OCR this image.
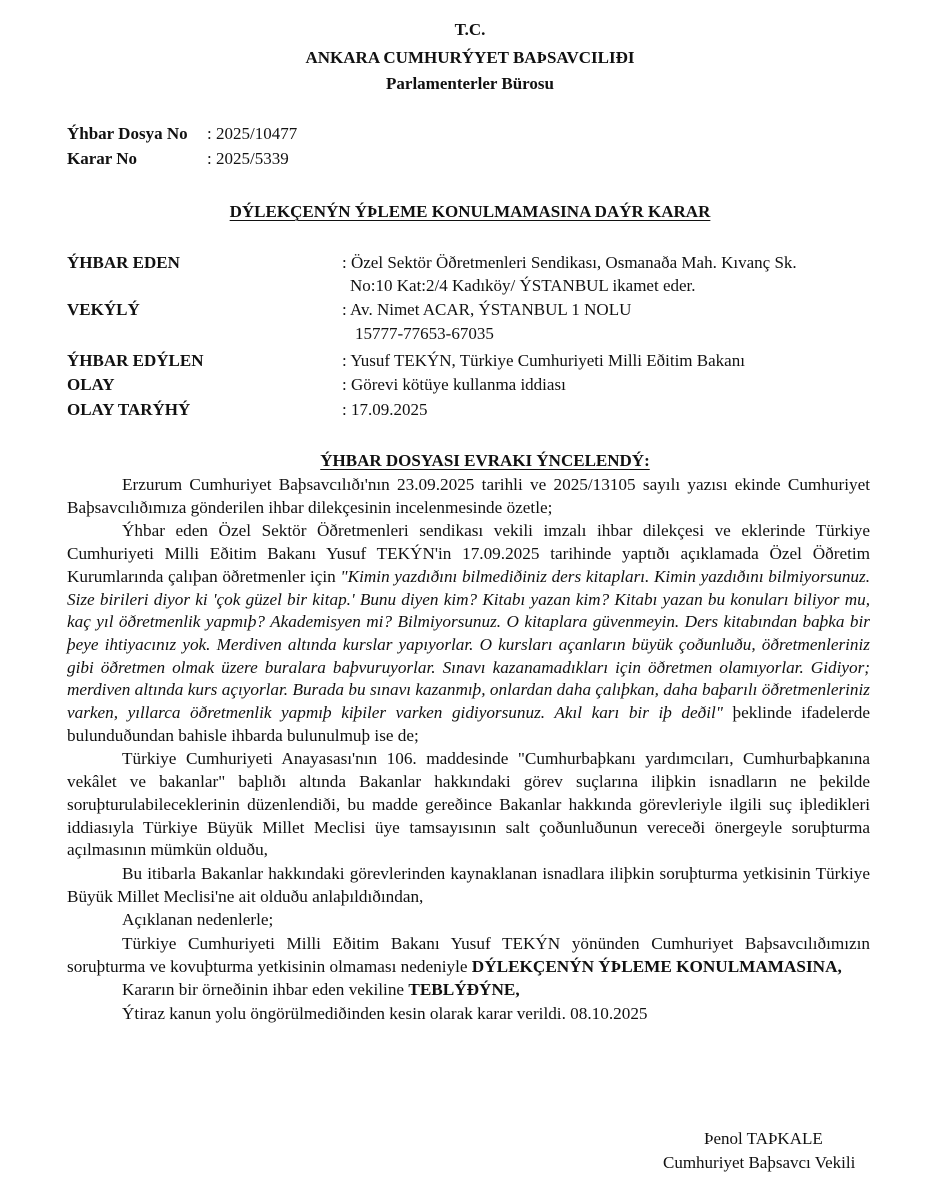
T.C.
ANKARA CUMHURÝYET BAÞSAVCILIÐI
Parlamenterler Bürosu
Ýhbar Dosya No : 2025/10477
Karar No	: 2025/5339
DÝLEKÇENÝN ÝÞLEME KONULMAMASINA DAÝR KARAR
ÝHBAR EDEN	: Özel Sektör Öðretmenleri Sendikası, Osmanaða Mah. Kıvanç Sk.
No:10 Kat:2/4 Kadıköy/ ÝSTANBUL ikamet eder.
VEKÝLÝ	: Av. Nimet ACAR, ÝSTANBUL 1 NOLU
15777-77653-67035
ÝHBAR EDÝLEN	: Yusuf TEKÝN, Türkiye Cumhuriyeti Milli Eðitim Bakanı
OLAY	: Görevi kötüye kullanma iddiası
OLAY TARÝHÝ	: 17.09.2025
ÝHBAR DOSYASI EVRAKI ÝNCELENDÝ:

Erzurum Cumhuriyet Baþsavcılıðı'nın 23.09.2025 tarihli ve 2025/13105 sayılı yazısı ekinde Cumhuriyet Baþsavcılıðımıza gönderilen ihbar dilekçesinin incelenmesinde özetle;

Ýhbar eden Özel Sektör Öðretmenleri sendikası vekili imzalı ihbar dilekçesi ve eklerinde Türkiye Cumhuriyeti Milli Eðitim Bakanı Yusuf TEKÝN'in 17.09.2025 tarihinde yaptıðı açıklamada Özel Öðretim Kurumlarında çalıþan öðretmenler için "Kimin yazdıðını bilmediðiniz ders kitapları. Kimin yazdıðını bilmiyorsunuz. Size birileri diyor ki 'çok güzel bir kitap.' Bunu diyen kim? Kitabı yazan kim? Kitabı yazan bu konuları biliyor mu, kaç yıl öðretmenlik yapmıþ? Akademisyen mi? Bilmiyorsunuz. O kitaplara güvenmeyin. Ders kitabından baþka bir þeye ihtiyacınız yok. Merdiven altında kurslar yapıyorlar. O kursları açanların büyük çoðunluðu, öðretmenleriniz gibi öðretmen olmak üzere buralara baþvuruyorlar. Sınavı kazanamadıkları için öðretmen olamıyorlar. Gidiyor; merdiven altında kurs açıyorlar. Burada bu sınavı kazanmıþ, onlardan daha çalıþkan, daha baþarılı öðretmenleriniz varken, yıllarca öðretmenlik yapmıþ kiþiler varken gidiyorsunuz. Akıl karı bir iþ deðil" þeklinde ifadelerde bulunduðundan bahisle ihbarda bulunulmuþ ise de;

Türkiye Cumhuriyeti Anayasası'nın 106. maddesinde "Cumhurbaþkanı yardımcıları, Cumhurbaþkanına vekâlet ve bakanlar" baþlıðı altında Bakanlar hakkındaki görev suçlarına iliþkin isnadların ne þekilde soruþturulabileceklerinin düzenlendiði, bu madde gereðince Bakanlar hakkında görevleriyle ilgili suç iþledikleri iddiasıyla Türkiye Büyük Millet Meclisi üye tamsayısının salt çoðunluðunun vereceði önergeyle soruþturma açılmasının mümkün olduðu,

Bu itibarla Bakanlar hakkındaki görevlerinden kaynaklanan isnadlara iliþkin soruþturma yetkisinin Türkiye Büyük Millet Meclisi'ne ait olduðu anlaþıldıðından,

Açıklanan nedenlerle;

Türkiye Cumhuriyeti Milli Eðitim Bakanı Yusuf TEKÝN yönünden Cumhuriyet Baþsavcılıðımızın soruþturma ve kovuþturma yetkisinin olmaması nedeniyle DÝLEKÇENÝN ÝÞLEME KONULMAMASINA,

Kararın bir örneðinin ihbar eden vekiline TEBLÝÐÝNE,

Ýtiraz kanun yolu öngörülmediðinden kesin olarak karar verildi. 08.10.2025

Þenol TAÞKALE
Cumhuriyet Baþsavcı Vekili
